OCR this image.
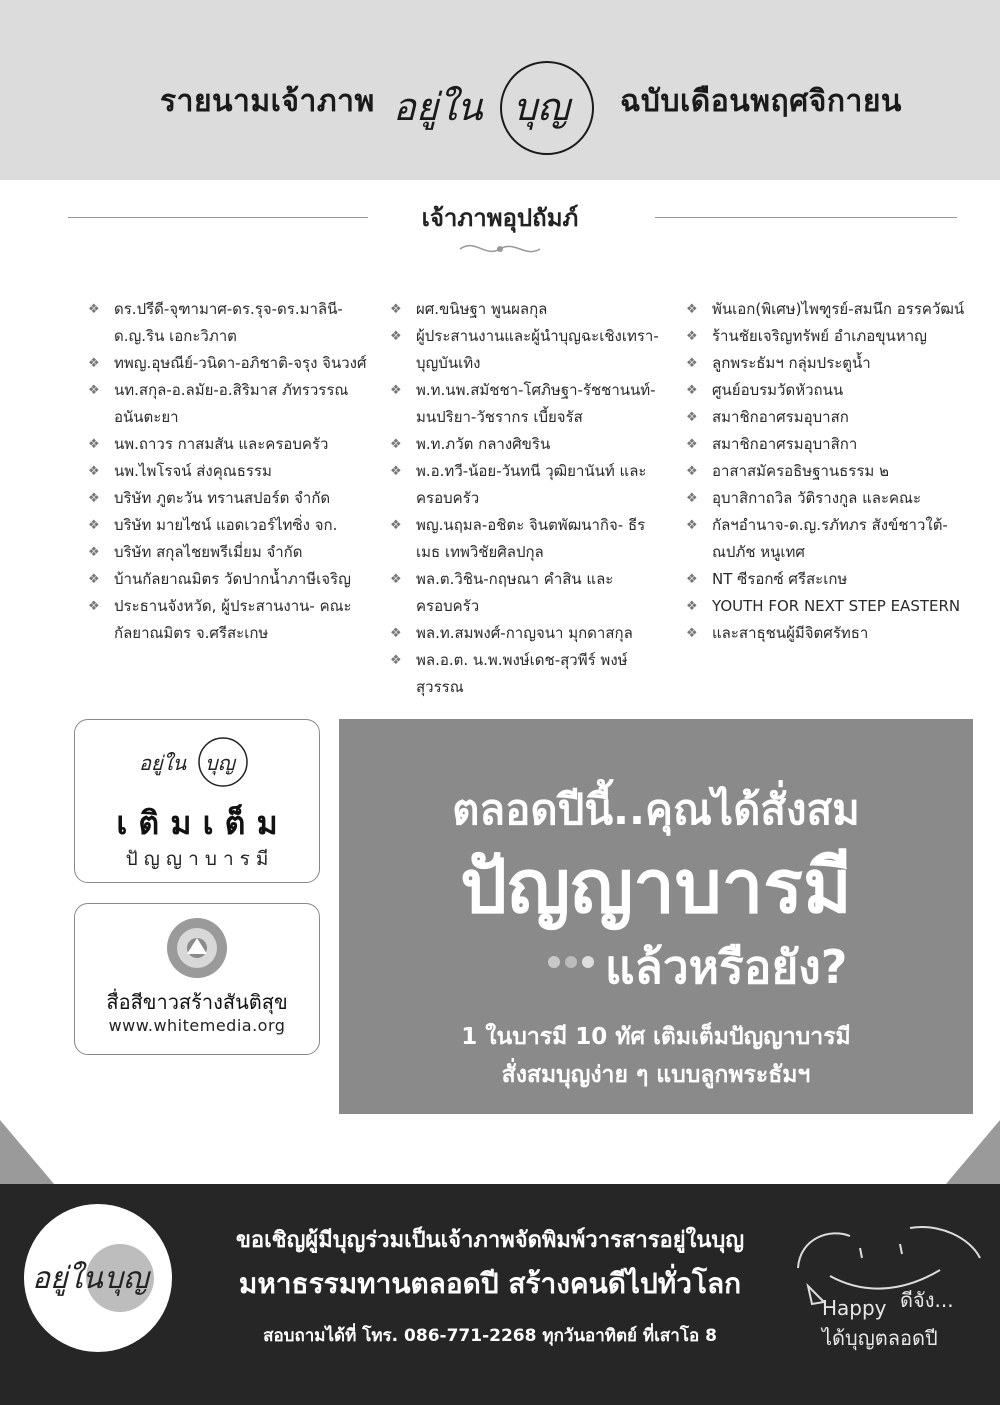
รายนามเจ้าภาพ อยู่ใน บุญ ฉบับเดือนพฤศจิกายน
เจ้าภาพอุปถัมภ์
❖ ดร.ปรีดี-จุฑามาศ-ดร.รุจ-ดร.มาลินี-ด.ญ.ริน เอกะวิภาต
❖ ทพญ.อุษณีย์-วนิดา-อภิชาติ-จรุง จินวงศ์
❖ นท.สกุล-อ.ลมัย-อ.สิริมาส ภัทรวรรณ อนันตะยา
❖ นพ.ถาวร กาสมสัน และครอบครัว
❖ นพ.ไพโรจน์ ส่งคุณธรรม
❖ บริษัท ภูตะวัน ทรานสปอร์ต จำกัด
❖ บริษัท มายไซน์ แอดเวอร์ไทซิ่ง จก.
❖ บริษัท สกุลไชยพรีเมี่ยม จำกัด
❖ บ้านกัลยาณมิตร วัดปากน้ำภาษีเจริญ
❖ ประธานจังหวัด, ผู้ประสานงาน- คณะกัลยาณมิตร จ.ศรีสะเกษ
❖ ผศ.ขนิษฐา พูนผลกุล
❖ ผู้ประสานงานและผู้นำบุญฉะเชิงเทรา- บุญบันเทิง
❖ พ.ท.นพ.สมัชชา-โศภิษฐา-รัชชานนท์- มนปริยา-วัชรากร เบี้ยจรัส
❖ พ.ท.ภวัต กลางศิขริน
❖ พ.อ.ทวี-น้อย-วันทนี วุฒิยานันท์ และครอบครัว
❖ พญ.นฤมล-อชิตะ จินตพัฒนากิจ- ธีรเมธ เทพวิชัยศิลปกุล
❖ พล.ต.วิชิน-กฤษณา คำสิน และครอบครัว
❖ พล.ท.สมพงศ์-กาญจนา มุกดาสกุล
❖ พล.อ.ต. น.พ.พงษ์เดช-สุวพีร์ พงษ์สุวรรณ
❖ พันเอก(พิเศษ)ไพฑูรย์-สมนึก อรรควัฒน์
❖ ร้านชัยเจริญทรัพย์ อำเภอขุนหาญ
❖ ลูกพระธัมฯ กลุ่มประตูน้ำ
❖ ศูนย์อบรมวัดหัวถนน
❖ สมาชิกอาศรมอุบาสก
❖ สมาชิกอาศรมอุบาสิกา
❖ อาสาสมัครอธิษฐานธรรม ๒
❖ อุบาสิกาถวิล วัติรางกูล และคณะ
❖ กัลฯอำนาจ-ด.ญ.รภัทภร สังข์ชาวใต้- ณปภัช หนูเทศ
❖ NT ซีรอกซ์ ศรีสะเกษ
❖ YOUTH FOR NEXT STEP EASTERN
❖ และสาธุชนผู้มีจิตศรัทธา
อยู่ใน บุญ
เ ติ ม เ ต็ ม
ปั ญ ญ า บ า ร มี
สื่อสีขาวสร้างสันติสุข
www.whitemedia.org
ตลอดปีนี้..คุณได้สั่งสม
ปัญญาบารมี
แล้วหรือยัง?
1 ในบารมี 10 ทัศ เติมเต็มปัญญาบารมี
สั่งสมบุญง่าย ๆ แบบลูกพระธัมฯ
อยู่ใน บุญ
ขอเชิญผู้มีบุญร่วมเป็นเจ้าภาพจัดพิมพ์วารสารอยู่ในบุญ
มหาธรรมทานตลอดปี สร้างคนดีไปทั่วโลก
สอบถามได้ที่ โทร. 086-771-2268 ทุกวันอาทิตย์ ที่เสาโอ 8
Happy ดีจัง...
ได้บุญตลอดปี
